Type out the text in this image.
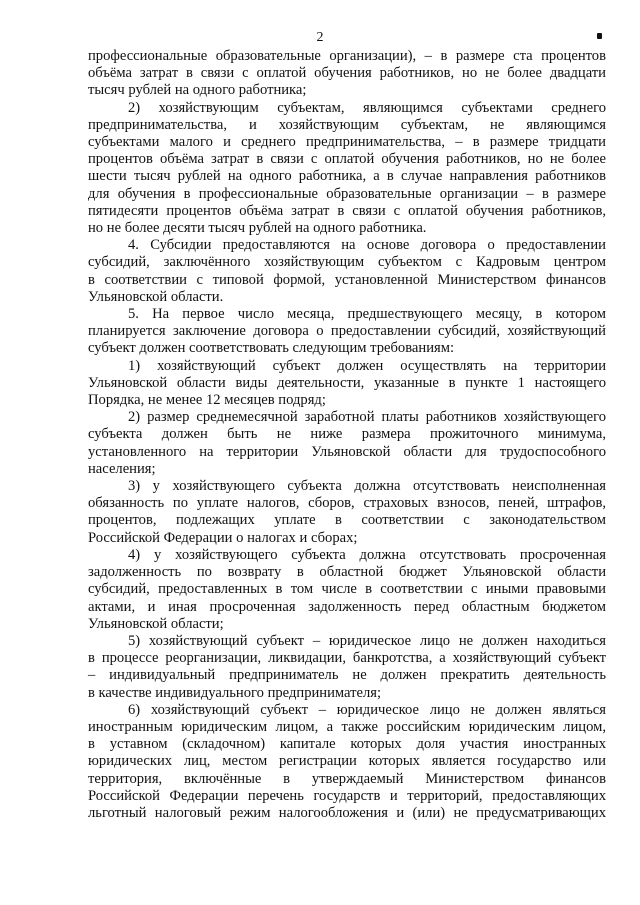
2
профессиональные образовательные организации), – в размере ста процентов
объёма затрат в связи с оплатой обучения работников, но не более двадцати
тысяч рублей на одного работника;
2) хозяйствующим субъектам, являющимся субъектами среднего
предпринимательства, и хозяйствующим субъектам, не являющимся
субъектами малого и среднего предпринимательства, – в размере тридцати
процентов объёма затрат в связи с оплатой обучения работников, но не более
шести тысяч рублей на одного работника, а в случае направления работников
для обучения в профессиональные образовательные организации – в размере
пятидесяти процентов объёма затрат в связи с оплатой обучения работников,
но не более десяти тысяч рублей на одного работника.
4. Субсидии предоставляются на основе договора о предоставлении
субсидий, заключённого хозяйствующим субъектом с Кадровым центром
в соответствии с типовой формой, установленной Министерством финансов
Ульяновской области.
5. На первое число месяца, предшествующего месяцу, в котором
планируется заключение договора о предоставлении субсидий, хозяйствующий
субъект должен соответствовать следующим требованиям:
1) хозяйствующий субъект должен осуществлять на территории
Ульяновской области виды деятельности, указанные в пункте 1 настоящего
Порядка, не менее 12 месяцев подряд;
2) размер среднемесячной заработной платы работников хозяйствующего
субъекта должен быть не ниже размера прожиточного минимума,
установленного на территории Ульяновской области для трудоспособного
населения;
3) у хозяйствующего субъекта должна отсутствовать неисполненная
обязанность по уплате налогов, сборов, страховых взносов, пеней, штрафов,
процентов, подлежащих уплате в соответствии с законодательством
Российской Федерации о налогах и сборах;
4) у хозяйствующего субъекта должна отсутствовать просроченная
задолженность по возврату в областной бюджет Ульяновской области
субсидий, предоставленных в том числе в соответствии с иными правовыми
актами, и иная просроченная задолженность перед областным бюджетом
Ульяновской области;
5) хозяйствующий субъект – юридическое лицо не должен находиться
в процессе реорганизации, ликвидации, банкротства, а хозяйствующий субъект
– индивидуальный предприниматель не должен прекратить деятельность
в качестве индивидуального предпринимателя;
6) хозяйствующий субъект – юридическое лицо не должен являться
иностранным юридическим лицом, а также российским юридическим лицом,
в уставном (складочном) капитале которых доля участия иностранных
юридических лиц, местом регистрации которых является государство или
территория, включённые в утверждаемый Министерством финансов
Российской Федерации перечень государств и территорий, предоставляющих
льготный налоговый режим налогообложения и (или) не предусматривающих
